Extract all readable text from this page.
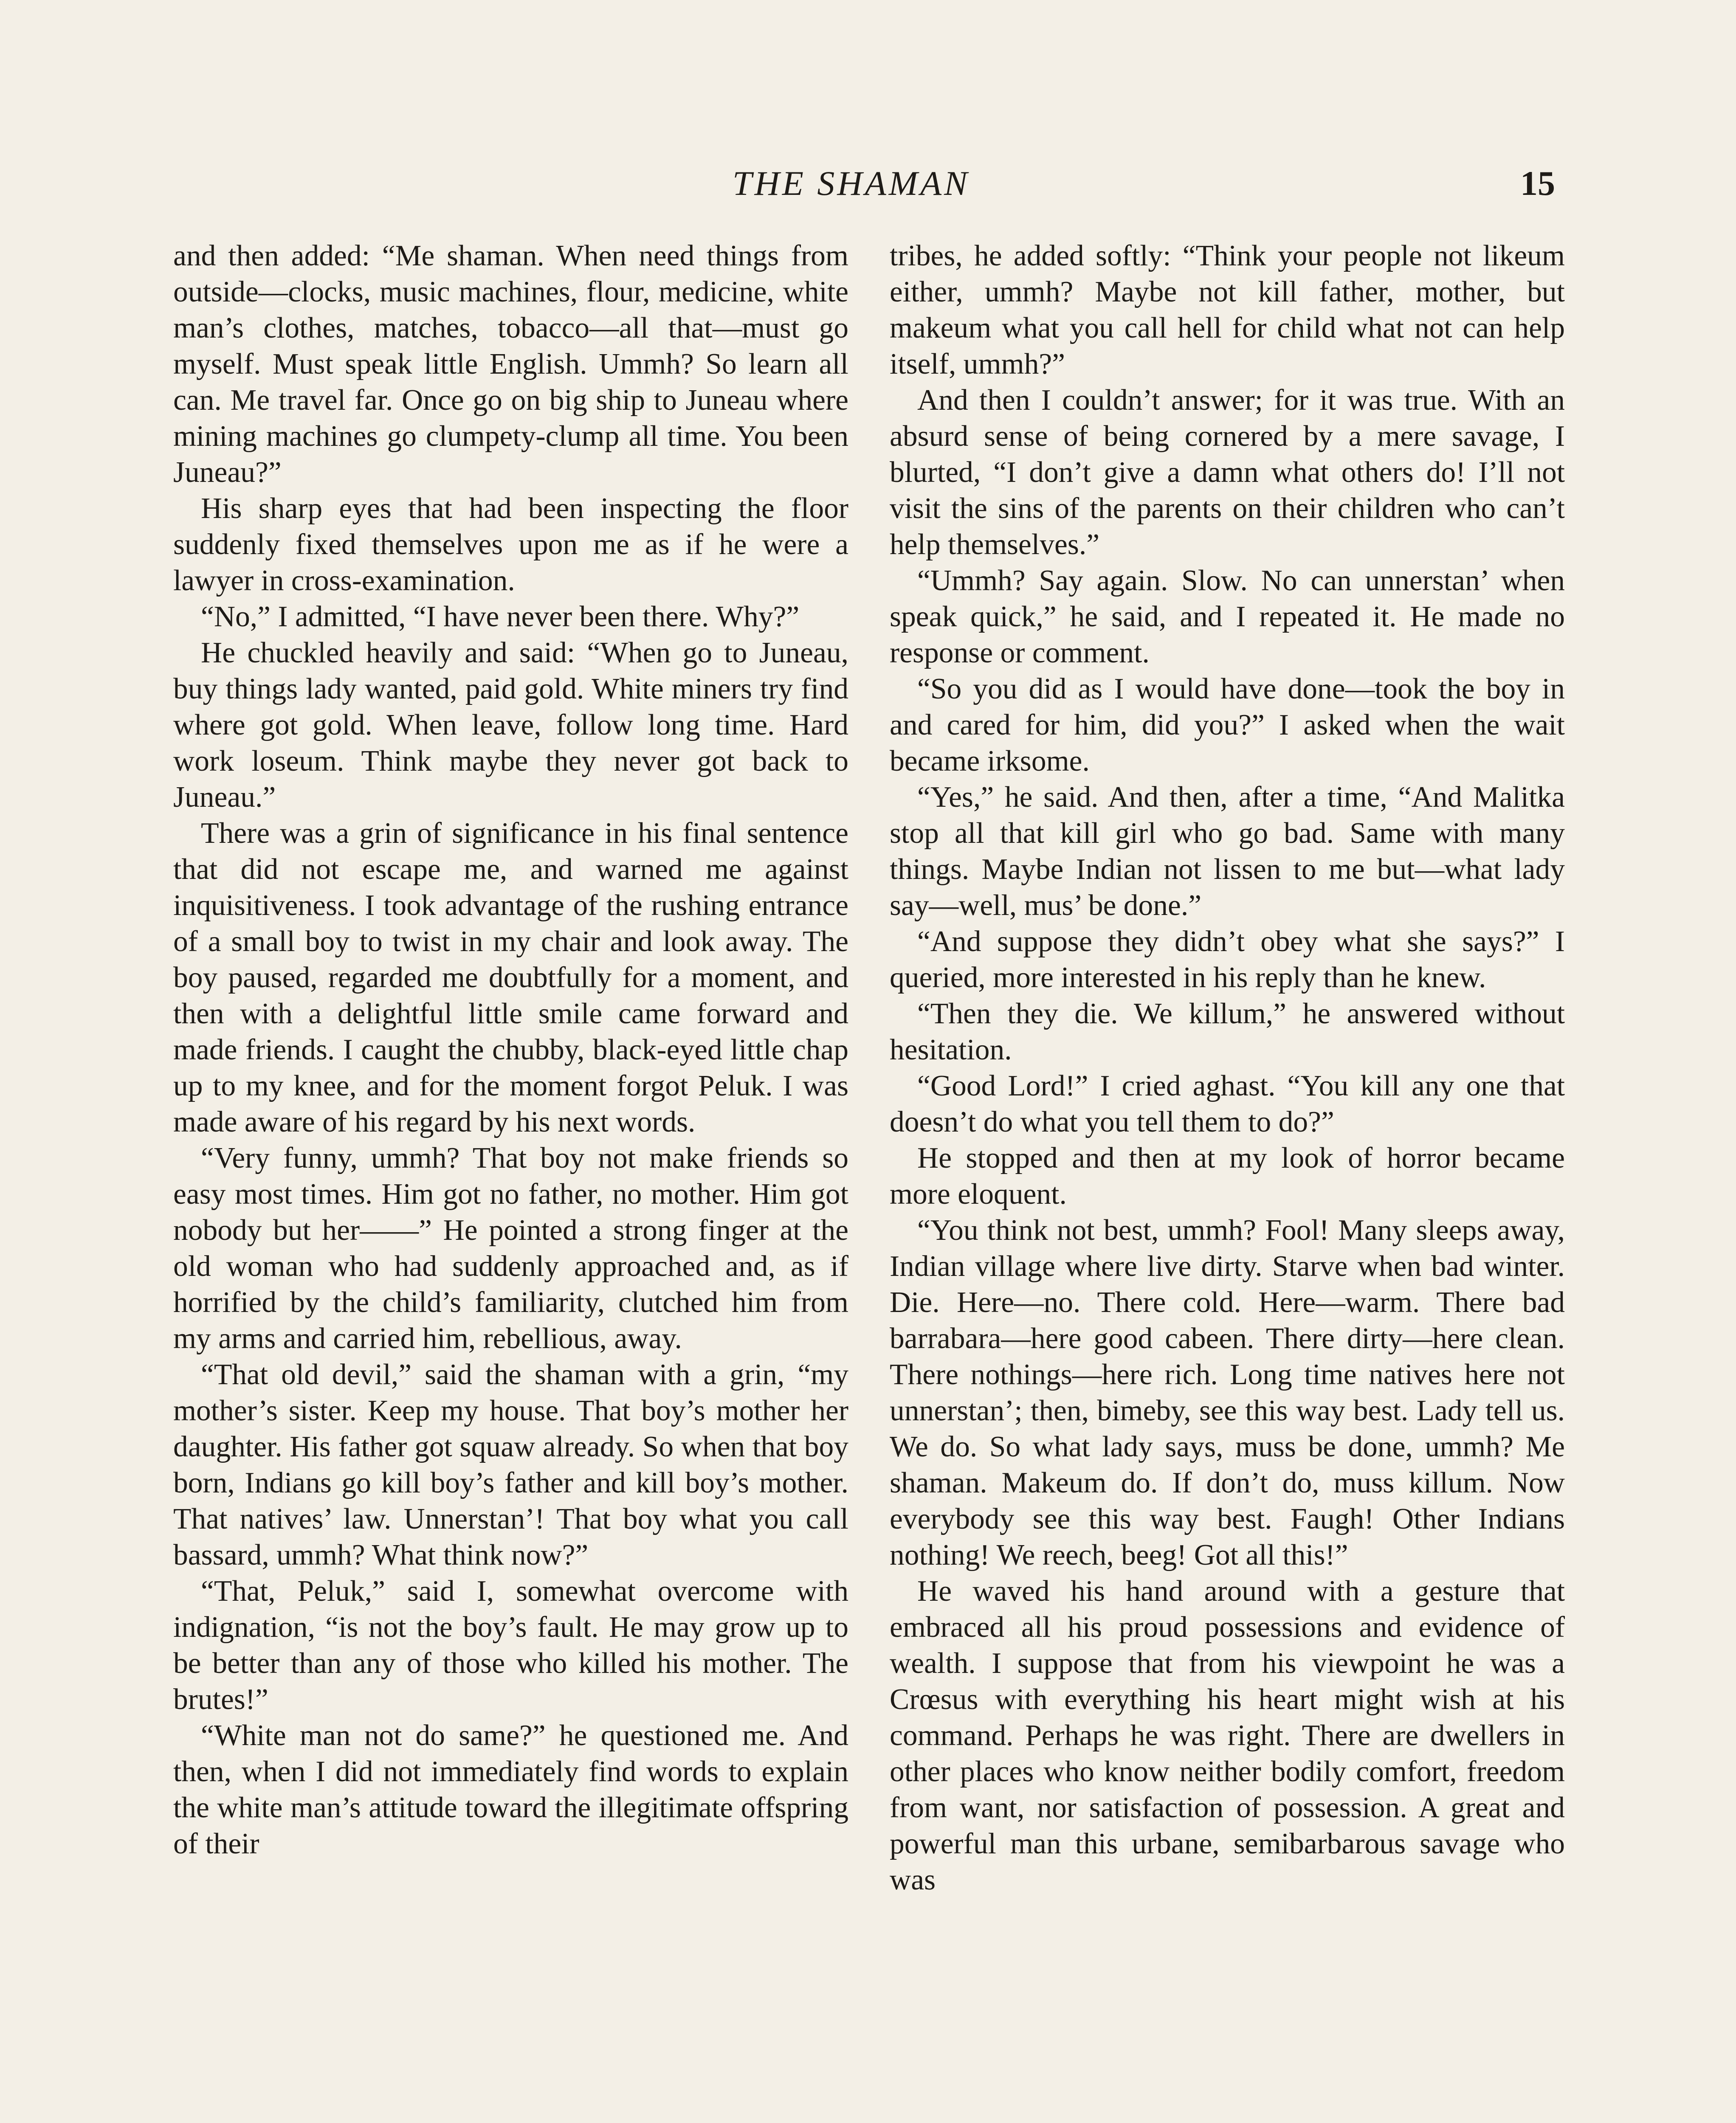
THE SHAMAN	15

and then added: “Me shaman. When need things from outside—clocks, music machines, flour, medicine, white man’s clothes, matches, tobacco—all that—must go myself. Must speak little English. Ummh? So learn all can. Me travel far. Once go on big ship to Juneau where mining machines go clumpety-clump all time. You been Juneau?”

His sharp eyes that had been inspecting the floor suddenly fixed themselves upon me as if he were a lawyer in cross-examination.

“No,” I admitted, “I have never been there. Why?”

He chuckled heavily and said: “When go to Juneau, buy things lady wanted, paid gold. White miners try find where got gold. When leave, follow long time. Hard work loseum. Think maybe they never got back to Juneau.”

There was a grin of significance in his final sentence that did not escape me, and warned me against inquisitiveness. I took advantage of the rushing entrance of a small boy to twist in my chair and look away. The boy paused, regarded me doubtfully for a moment, and then with a delightful little smile came forward and made friends. I caught the chubby, black-eyed little chap up to my knee, and for the moment forgot Peluk. I was made aware of his regard by his next words.

“Very funny, ummh? That boy not make friends so easy most times. Him got no father, no mother. Him got nobody but her——” He pointed a strong finger at the old woman who had suddenly approached and, as if horrified by the child’s familiarity, clutched him from my arms and carried him, rebellious, away.

“That old devil,” said the shaman with a grin, “my mother’s sister. Keep my house. That boy’s mother her daughter. His father got squaw already. So when that boy born, Indians go kill boy’s father and kill boy’s mother. That natives’ law. Unnerstan’! That boy what you call bassard, ummh? What think now?”

“That, Peluk,” said I, somewhat overcome with indignation, “is not the boy’s fault. He may grow up to be better than any of those who killed his mother. The brutes!”

“White man not do same?” he questioned me. And then, when I did not immediately find words to explain the white man’s attitude toward the illegitimate offspring of their

tribes, he added softly: “Think your people not likeum either, ummh? Maybe not kill father, mother, but makeum what you call hell for child what not can help itself, ummh?”

And then I couldn’t answer; for it was true. With an absurd sense of being cornered by a mere savage, I blurted, “I don’t give a damn what others do! I’ll not visit the sins of the parents on their children who can’t help themselves.”

“Ummh? Say again. Slow. No can unnerstan’ when speak quick,” he said, and I repeated it. He made no response or comment.

“So you did as I would have done—took the boy in and cared for him, did you?” I asked when the wait became irksome.

“Yes,” he said. And then, after a time, “And Malitka stop all that kill girl who go bad. Same with many things. Maybe Indian not lissen to me but—what lady say—well, mus’ be done.”

“And suppose they didn’t obey what she says?” I queried, more interested in his reply than he knew.

“Then they die. We killum,” he answered without hesitation.

“Good Lord!” I cried aghast. “You kill any one that doesn’t do what you tell them to do?”

He stopped and then at my look of horror became more eloquent.

“You think not best, ummh? Fool! Many sleeps away, Indian village where live dirty. Starve when bad winter. Die. Here—no. There cold. Here—warm. There bad barrabara—here good cabeen. There dirty—here clean. There nothings—here rich. Long time natives here not unnerstan’; then, bimeby, see this way best. Lady tell us. We do. So what lady says, muss be done, ummh? Me shaman. Makeum do. If don’t do, muss killum. Now everybody see this way best. Faugh! Other Indians nothing! We reech, beeg! Got all this!”

He waved his hand around with a gesture that embraced all his proud possessions and evidence of wealth. I suppose that from his viewpoint he was a Crœsus with everything his heart might wish at his command. Perhaps he was right. There are dwellers in other places who know neither bodily comfort, freedom from want, nor satisfaction of possession. A great and powerful man this urbane, semibarbarous savage who was
